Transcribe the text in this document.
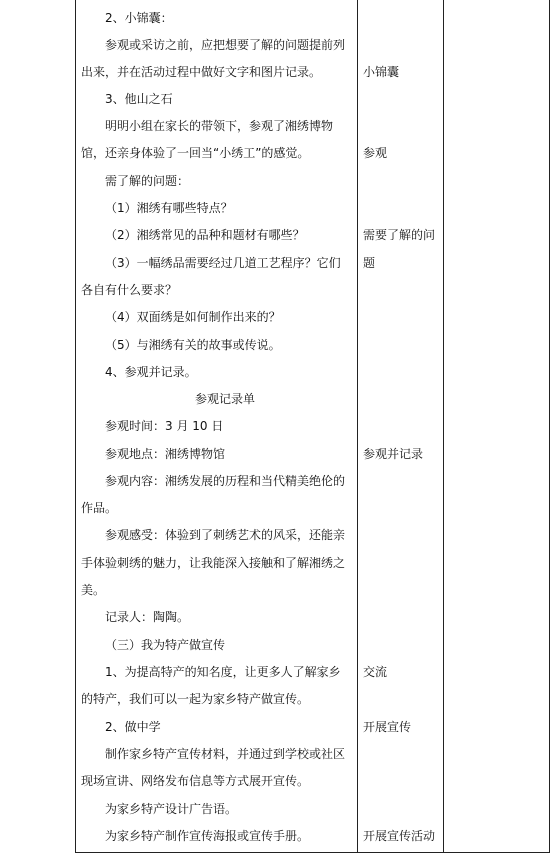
2、小锦囊：
参观或采访之前，应把想要了解的问题提前列
出来，并在活动过程中做好文字和图片记录。
3、他山之石
明明小组在家长的带领下，参观了湘绣博物
馆，还亲身体验了一回当“小绣工”的感觉。
需了解的问题：
（1）湘绣有哪些特点？
（2）湘绣常见的品种和题材有哪些？
（3）一幅绣品需要经过几道工艺程序？它们
各自有什么要求？
（4）双面绣是如何制作出来的？
（5）与湘绣有关的故事或传说。
4、参观并记录。
参观记录单
参观时间：3 月 10 日
参观地点：湘绣博物馆
参观内容：湘绣发展的历程和当代精美绝伦的
作品。
参观感受：体验到了刺绣艺术的风采，还能亲
手体验刺绣的魅力，让我能深入接触和了解湘绣之
美。
记录人：陶陶。
（三）我为特产做宣传
1、为提高特产的知名度，让更多人了解家乡
的特产，我们可以一起为家乡特产做宣传。
2、做中学
制作家乡特产宣传材料，并通过到学校或社区
现场宣讲、网络发布信息等方式展开宣传。
为家乡特产设计广告语。
为家乡特产制作宣传海报或宣传手册。
小锦囊
参观
需要了解的问
题
参观并记录
交流
开展宣传
开展宣传活动
